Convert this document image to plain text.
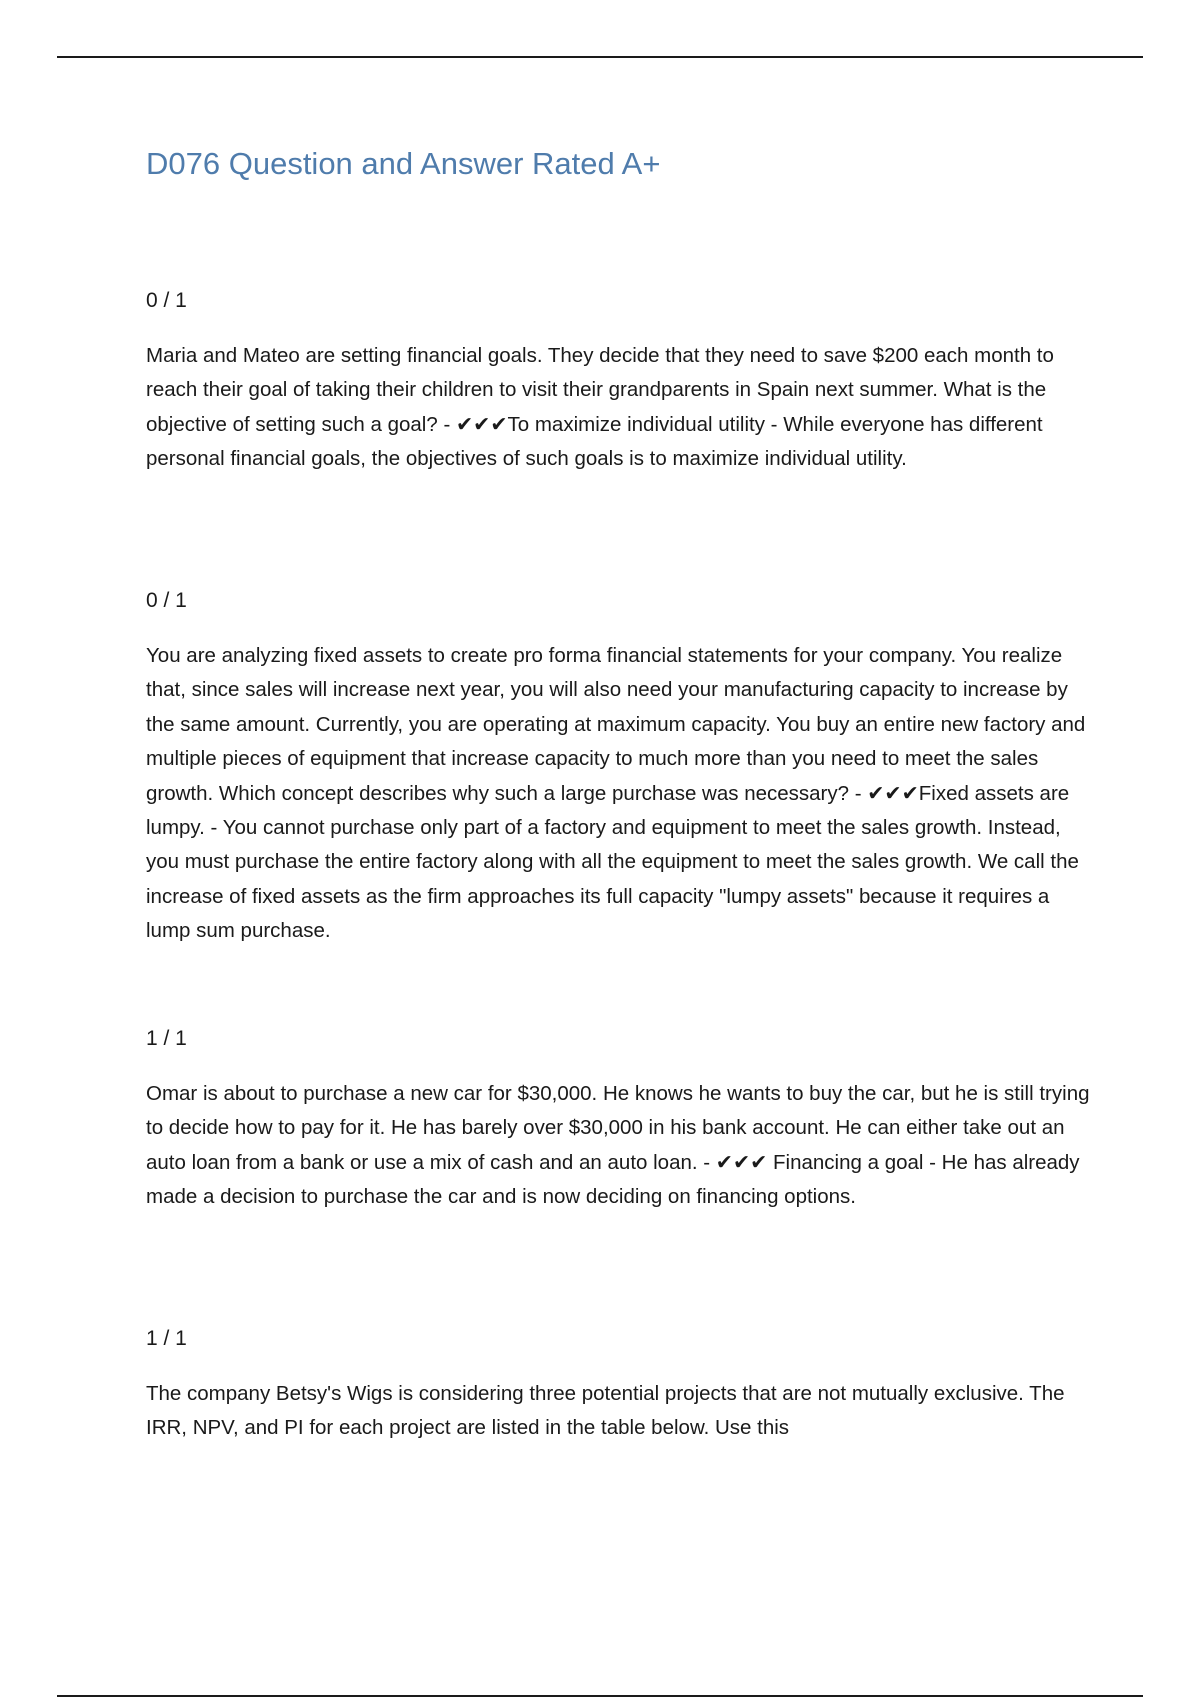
D076 Question and Answer Rated A+

0 / 1

Maria and Mateo are setting financial goals. They decide that they need to save $200 each month to reach their goal of taking their children to visit their grandparents in Spain next summer. What is the objective of setting such a goal? - ✔✔✔To maximize individual utility - While everyone has different personal financial goals, the objectives of such goals is to maximize individual utility.

0 / 1

You are analyzing fixed assets to create pro forma financial statements for your company. You realize that, since sales will increase next year, you will also need your manufacturing capacity to increase by the same amount. Currently, you are operating at maximum capacity. You buy an entire new factory and multiple pieces of equipment that increase capacity to much more than you need to meet the sales growth. Which concept describes why such a large purchase was necessary? - ✔✔✔Fixed assets are lumpy. - You cannot purchase only part of a factory and equipment to meet the sales growth. Instead, you must purchase the entire factory along with all the equipment to meet the sales growth. We call the increase of fixed assets as the firm approaches its full capacity "lumpy assets" because it requires a lump sum purchase.

1 / 1

Omar is about to purchase a new car for $30,000. He knows he wants to buy the car, but he is still trying to decide how to pay for it. He has barely over $30,000 in his bank account. He can either take out an auto loan from a bank or use a mix of cash and an auto loan. - ✔✔✔ Financing a goal - He has already made a decision to purchase the car and is now deciding on financing options.

1 / 1

The company Betsy's Wigs is considering three potential projects that are not mutually exclusive. The IRR, NPV, and PI for each project are listed in the table below. Use this
